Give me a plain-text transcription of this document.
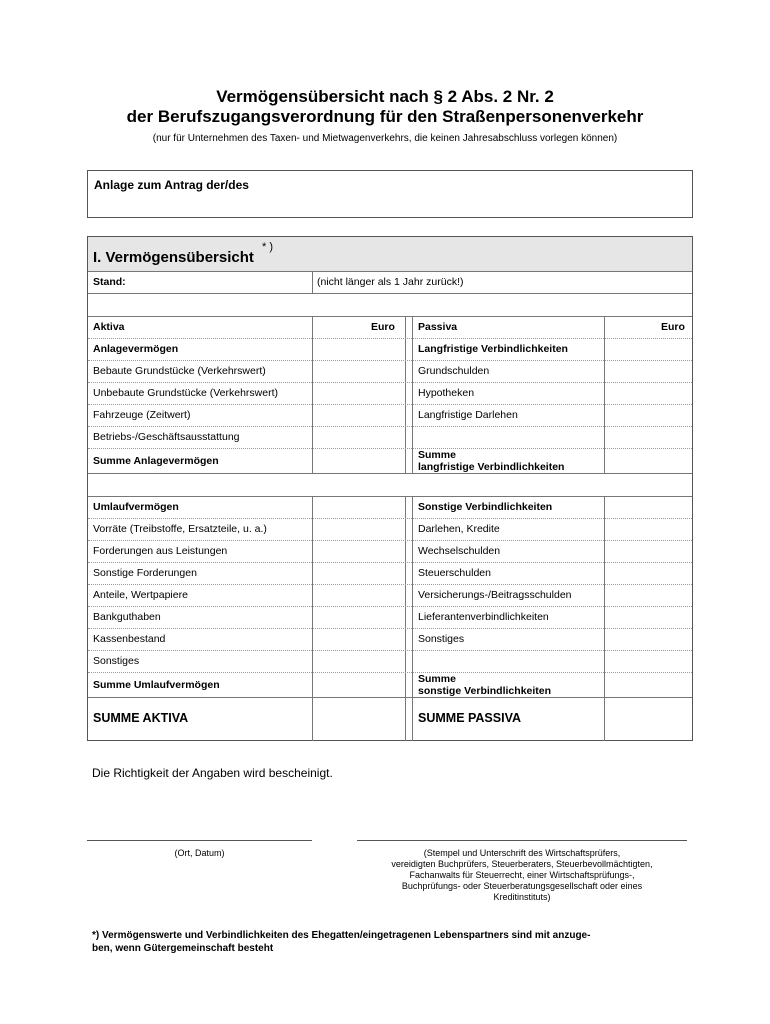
Vermögensübersicht nach § 2 Abs. 2 Nr. 2
der Berufszugangsverordnung für den Straßenpersonenverkehr
(nur für Unternehmen des Taxen- und Mietwagenverkehrs, die keinen Jahresabschluss vorlegen können)
Anlage zum Antrag der/des
I. Vermögensübersicht
* )
Stand:	(nicht länger als 1 Jahr zurück!)
Aktiva	Euro Passiva	Euro
Anlagevermögen	Langfristige Verbindlichkeiten
Bebaute Grundstücke (Verkehrswert)	Grundschulden
Unbebaute Grundstücke (Verkehrswert)	Hypotheken
Fahrzeuge (Zeitwert)	Langfristige Darlehen
Betriebs-/Geschäftsausstattung
Summe Anlagevermögen	Summe
langfristige Verbindlichkeiten
Umlaufvermögen	Sonstige Verbindlichkeiten
Vorräte (Treibstoffe, Ersatzteile, u. a.)	Darlehen, Kredite
Forderungen aus Leistungen	Wechselschulden
Sonstige Forderungen	Steuerschulden
Anteile, Wertpapiere	Versicherungs-/Beitragsschulden
Bankguthaben	Lieferantenverbindlichkeiten
Kassenbestand	Sonstiges
Sonstiges
Summe Umlaufvermögen	Summe
sonstige Verbindlichkeiten
SUMME AKTIVA	SUMME PASSIVA
Die Richtigkeit der Angaben wird bescheinigt.
(Ort, Datum)	(Stempel und Unterschrift des Wirtschaftsprüfers,
vereidigten Buchprüfers, Steuerberaters, Steuerbevollmächtigten,
Fachanwalts für Steuerrecht, einer Wirtschaftsprüfungs-,
Buchprüfungs- oder Steuerberatungsgesellschaft oder eines
Kreditinstituts)
*) Vermögenswerte und Verbindlichkeiten des Ehegatten/eingetragenen Lebenspartners sind mit anzuge-
ben, wenn Gütergemeinschaft besteht
